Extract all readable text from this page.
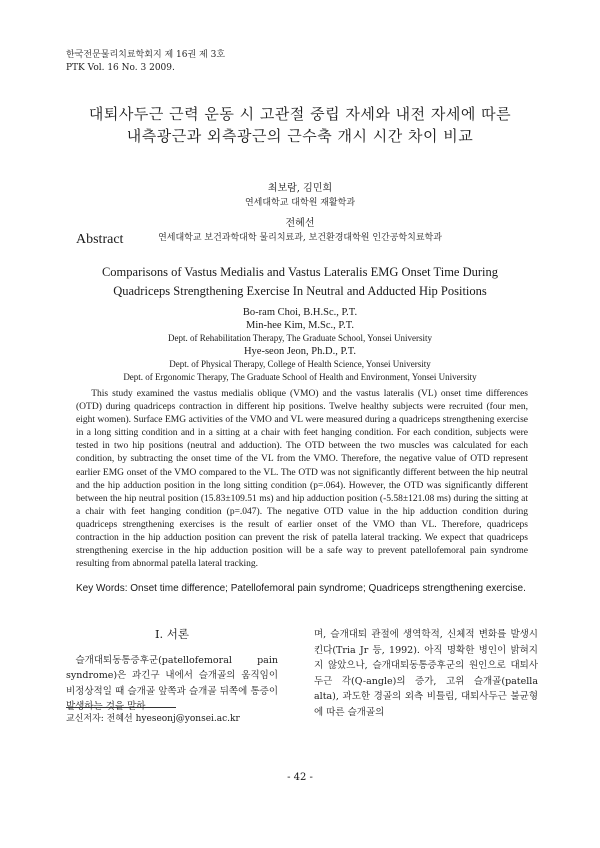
한국전문물리치료학회지 제 16권 제 3호
PTK Vol. 16 No. 3 2009.
대퇴사두근 근력 운동 시 고관절 중립 자세와 내전 자세에 따른
내측광근과 외측광근의 근수축 개시 시간 차이 비교
최보람, 김민희
연세대학교 대학원 재활학과
전혜선
연세대학교 보건과학대학 물리치료과, 보건환경대학원 인간공학치료학과
Abstract
Comparisons of Vastus Medialis and Vastus Lateralis EMG Onset Time During
Quadriceps Strengthening Exercise In Neutral and Adducted Hip Positions
Bo-ram Choi, B.H.Sc., P.T.
Min-hee Kim, M.Sc., P.T.
Dept. of Rehabilitation Therapy, The Graduate School, Yonsei University
Hye-seon Jeon, Ph.D., P.T.
Dept. of Physical Therapy, College of Health Science, Yonsei University
Dept. of Ergonomic Therapy, The Graduate School of Health and Environment, Yonsei University

This study examined the vastus medialis oblique (VMO) and the vastus lateralis (VL) onset time differences (OTD) during quadriceps contraction in different hip positions. Twelve healthy subjects were recruited (four men, eight women). Surface EMG activities of the VMO and VL were measured during a quadriceps strengthening exercise in a long sitting condition and in a sitting at a chair with feet hanging condition. For each condition, subjects were tested in two hip positions (neutral and adduction). The OTD between the two muscles was calculated for each condition, by subtracting the onset time of the VL from the VMO. Therefore, the negative value of OTD represent earlier EMG onset of the VMO compared to the VL. The OTD was not significantly different between the hip neutral and the hip adduction position in the long sitting condition (p=.064). However, the OTD was significantly different between the hip neutral position (15.83±109.51 ms) and hip adduction position (-5.58±121.08 ms) during the sitting at a chair with feet hanging condition (p=.047). The negative OTD value in the hip adduction condition during quadriceps strengthening exercises is the result of earlier onset of the VMO than VL. Therefore, quadriceps contraction in the hip adduction position can prevent the risk of patella lateral tracking. We expect that quadriceps strengthening exercise in the hip adduction position will be a safe way to prevent patellofemoral pain syndrome resulting from abnormal patella lateral tracking.

Key Words: Onset time difference; Patellofemoral pain syndrome; Quadriceps strengthening exercise.
Ⅰ. 서론

슬개대퇴동통증후군(patellofemoral pain syndrome)은 과긴구 내에서 슬개골의 움직임이 비정상적일 때 슬개골 앞쪽과 슬개골 뒤쪽에 통증이 발생하는 것을 말하

며, 슬개대퇴 관절에 생역학적, 신체적 변화를 발생시킨다(Tria Jr 등, 1992). 아직 명확한 병인이 밝혀지지 않았으나, 슬개대퇴동통증후군의 원인으로 대퇴사두근 각(Q-angle)의 증가, 고위 슬개골(patella alta), 과도한 경골의 외측 비틀림, 대퇴사두근 불균형에 따른 슬개골의

교신저자: 전혜선 hyeseonj@yonsei.ac.kr
- 42 -
